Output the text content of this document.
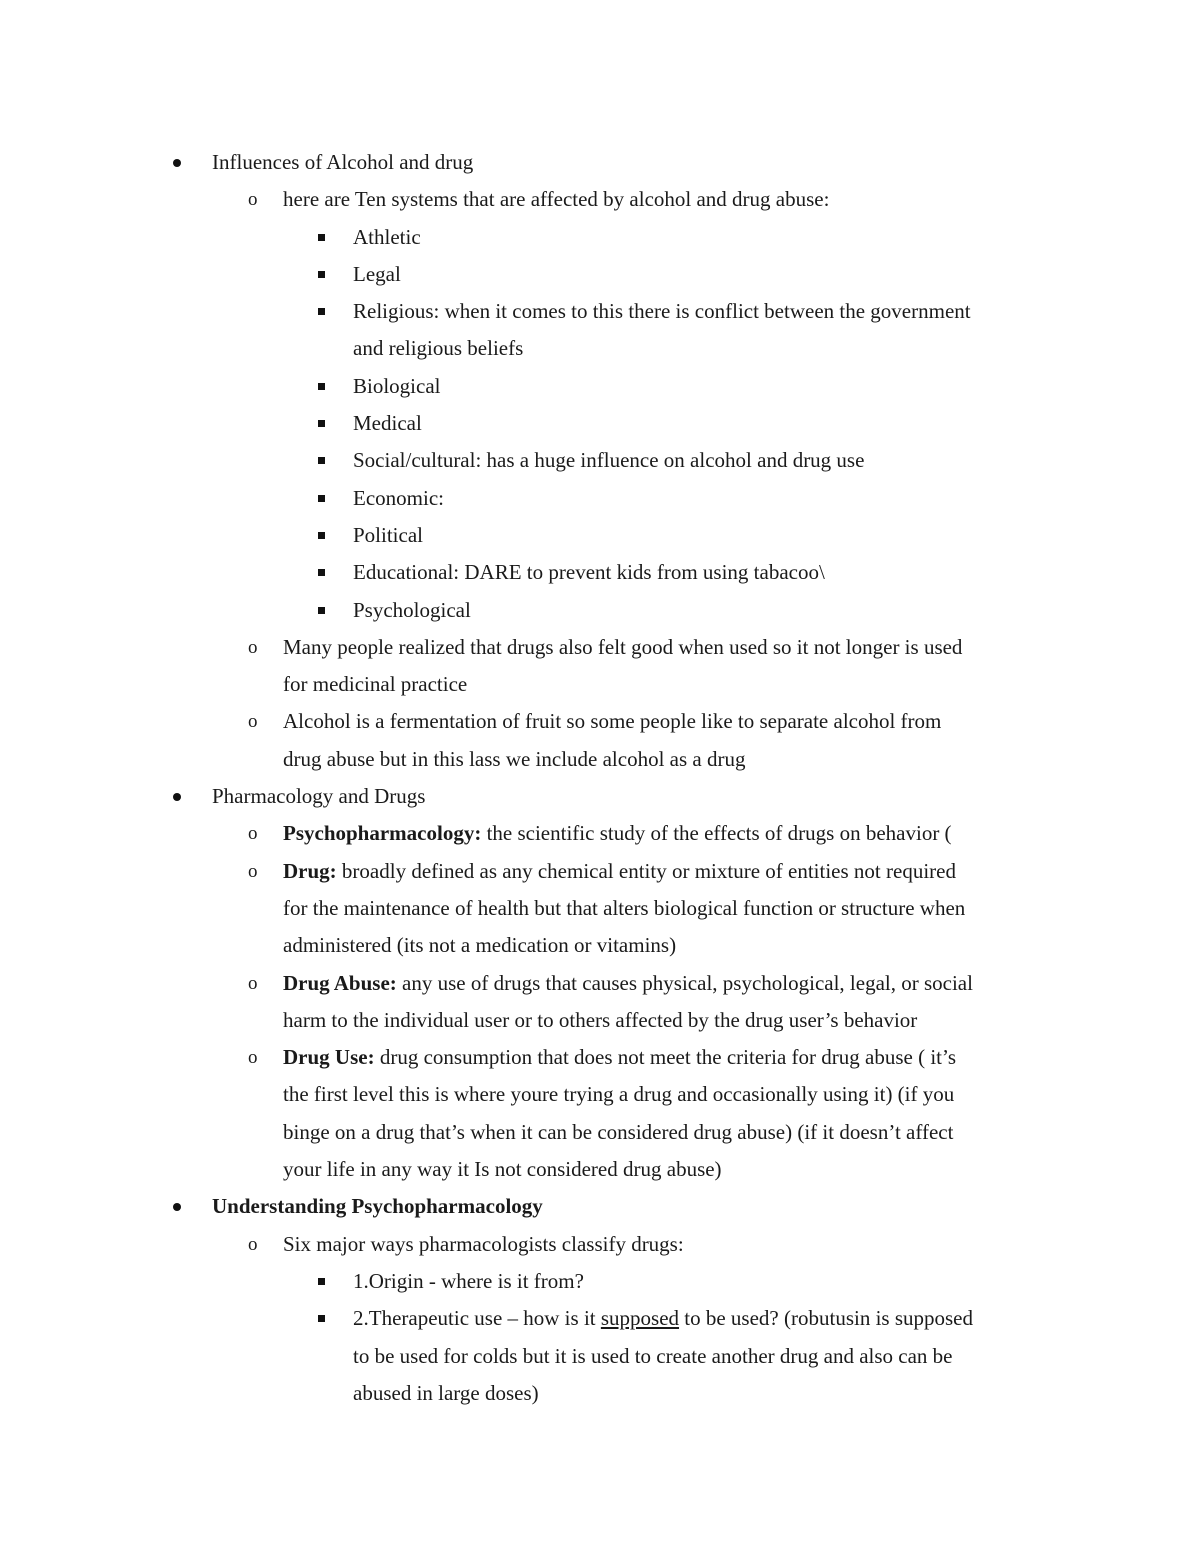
Influences of Alcohol and drug
o here are Ten systems that are affected by alcohol and drug abuse:
Athletic
Legal
Religious: when it comes to this there is conflict between the government
and religious beliefs
Biological
Medical
Social/cultural: has a huge influence on alcohol and drug use
Economic:
Political
Educational: DARE to prevent kids from using tabacoo\
Psychological
o Many people realized that drugs also felt good when used so it not longer is used
for medicinal practice
o Alcohol is a fermentation of fruit so some people like to separate alcohol from
drug abuse but in this lass we include alcohol as a drug
Pharmacology and Drugs
o Psychopharmacology: the scientific study of the effects of drugs on behavior (
o Drug: broadly defined as any chemical entity or mixture of entities not required
for the maintenance of health but that alters biological function or structure when
administered (its not a medication or vitamins)
o Drug Abuse: any use of drugs that causes physical, psychological, legal, or social
harm to the individual user or to others affected by the drug user’s behavior
o Drug Use: drug consumption that does not meet the criteria for drug abuse ( it’s
the first level this is where youre trying a drug and occasionally using it) (if you
binge on a drug that’s when it can be considered drug abuse) (if it doesn’t affect
your life in any way it Is not considered drug abuse)
Understanding Psychopharmacology
o Six major ways pharmacologists classify drugs:
1.Origin - where is it from?
2.Therapeutic use – how is it supposed to be used? (robutusin is supposed
to be used for colds but it is used to create another drug and also can be
abused in large doses)
